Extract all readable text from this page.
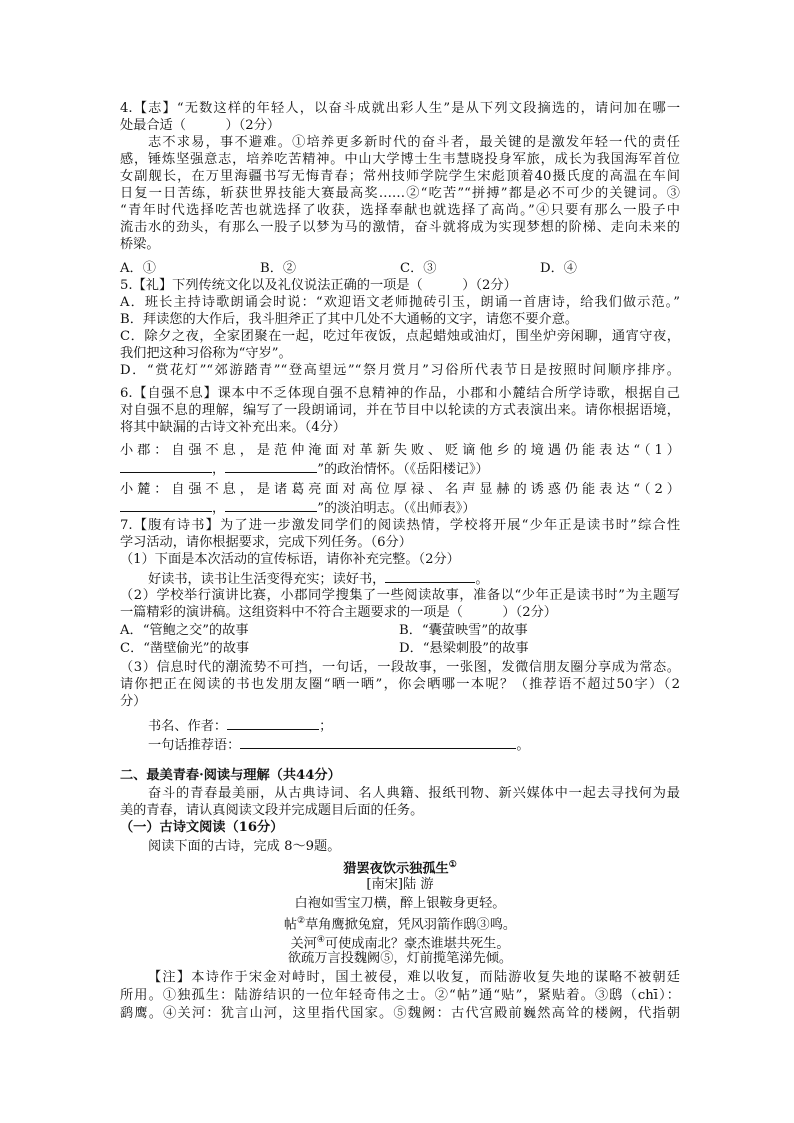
4.【志】“无数这样的年轻人，以奋斗成就出彩人生”是从下列文段摘选的，请问加在哪一
处最合适（　　　）（2分）
志不求易，事不避难。①培养更多新时代的奋斗者，最关键的是激发年轻一代的责任
感，锤炼坚强意志，培养吃苦精神。中山大学博士生韦慧晓投身军旅，成长为我国海军首位
女副舰长，在万里海疆书写无悔青春；常州技师学院学生宋彪顶着40摄氏度的高温在车间
日复一日苦练，斩获世界技能大赛最高奖……②“吃苦”“拼搏”都是必不可少的关键词。③
“青年时代选择吃苦也就选择了收获，选择奉献也就选择了高尚。”④只要有那么一股子中
流击水的劲头，有那么一股子以梦为马的激情，奋斗就将成为实现梦想的阶梯、走向未来的
桥梁。
A．①	B．②	C．③	D．④
5.【礼】下列传统文化以及礼仪说法正确的一项是（　　　）（2分）
A．班长主持诗歌朗诵会时说：“欢迎语文老师抛砖引玉，朗诵一首唐诗，给我们做示范。”
B．拜读您的大作后，我斗胆斧正了其中几处不大通畅的文字，请您不要介意。
C．除夕之夜，全家团聚在一起，吃过年夜饭，点起蜡烛或油灯，围坐炉旁闲聊，通宵守夜，
我们把这种习俗称为“守岁”。
D．“赏花灯”“郊游踏青”“登高望远”“祭月赏月”习俗所代表节日是按照时间顺序排序。
6.【自强不息】课本中不乏体现自强不息精神的作品，小郡和小麓结合所学诗歌，根据自己
对自强不息的理解，编写了一段朗诵词，并在节目中以轮读的方式表演出来。请你根据语境，
将其中缺漏的古诗文补充出来。（4分）
小郡：自强不息，是范仲淹面对革新失败、贬谪他乡的境遇仍能表达“（1）
，	”的政治情怀。（《岳阳楼记》）
小麓：自强不息，是诸葛亮面对高位厚禄、名声显赫的诱惑仍能表达“（2）
，	”的淡泊明志。（《出师表》）
7.【腹有诗书】为了进一步激发同学们的阅读热情，学校将开展“少年正是读书时”综合性
学习活动，请你根据要求，完成下列任务。（6分）
（1）下面是本次活动的宣传标语，请你补充完整。（2分）
好读书，读书让生活变得充实；读好书，	。
（2）学校举行演讲比赛，小郡同学搜集了一些阅读故事，准备以“少年正是读书时”为主题写
一篇精彩的演讲稿。这组资料中不符合主题要求的一项是（　　　）（2分）
A．“管鲍之交”的故事	B．“囊萤映雪”的故事
C．“凿壁偷光”的故事	D．“悬梁刺股”的故事
（3）信息时代的潮流势不可挡，一句话，一段故事，一张图，发微信朋友圈分享成为常态。
请你把正在阅读的书也发朋友圈“晒一晒”，你会晒哪一本呢？（推荐语不超过50字）（2
分）
书名、作者：	；
一句话推荐语：	。
二、最美青春·阅读与理解（共44分）
奋斗的青春最美丽，从古典诗词、名人典籍、报纸刊物、新兴媒体中一起去寻找何为最
美的青春，请认真阅读文段并完成题目后面的任务。
（一）古诗文阅读（16分）
阅读下面的古诗，完成 8～9题。
猎罢夜饮示独孤生①
[南宋]陆 游
白袍如雪宝刀横，醉上银鞍身更轻。
帖②草角鹰掀兔窟，凭风羽箭作鸱③鸣。
关河④可使成南北？豪杰谁堪共死生。
欲疏万言投魏阙⑤，灯前揽笔涕先倾。
【注】本诗作于宋金对峙时，国土被侵，难以收复，而陆游收复失地的谋略不被朝廷
所用。①独孤生：陆游结识的一位年轻奇伟之士。②“帖”通“贴”，紧贴着。③鸱（chī）：
鹞鹰。④关河：犹言山河，这里指代国家。⑤魏阙：古代宫殿前巍然高耸的楼阙，代指朝
